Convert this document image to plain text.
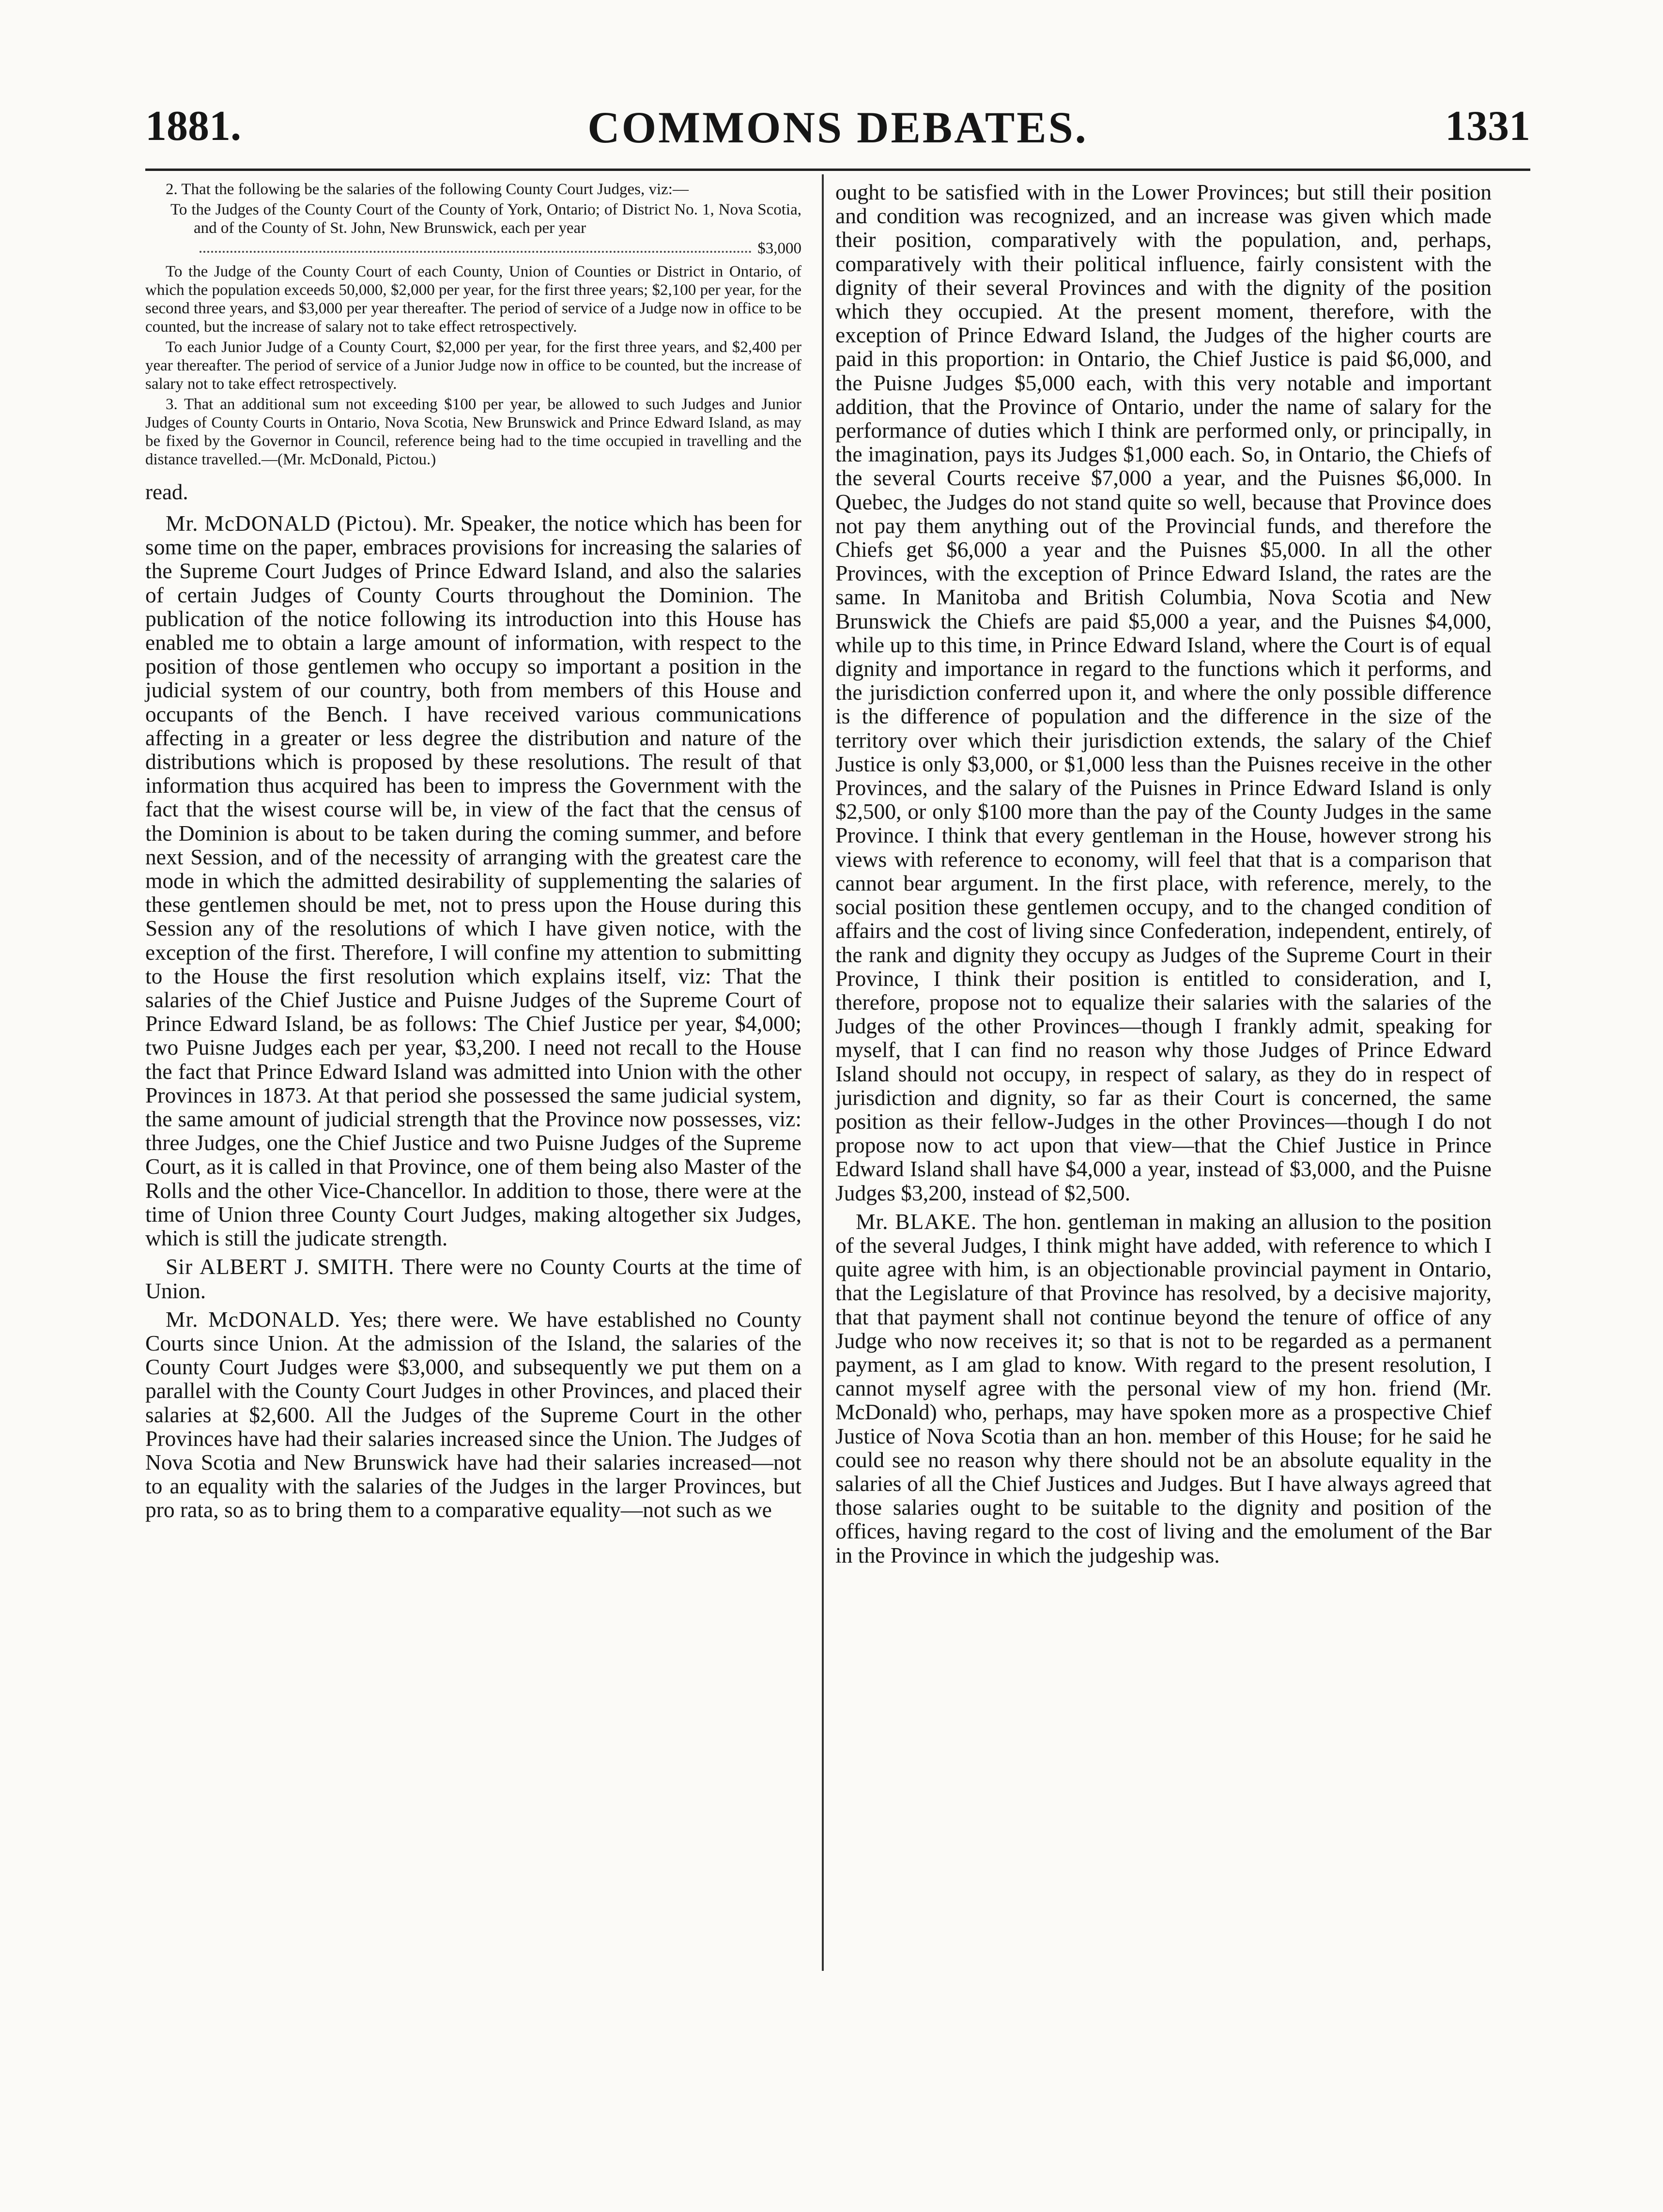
1881.	COMMONS DEBATES.	1331

2. That the following be the salaries of the following County Court Judges, viz:—

To the Judges of the County Court of the County of York, Ontario; of District No. 1, Nova Scotia, and of the County of St. John, New Brunswick, each per year
$3,000

To the Judge of the County Court of each County, Union of Counties or District in Ontario, of which the population exceeds 50,000, $2,000 per year, for the first three years; $2,100 per year, for the second three years, and $3,000 per year thereafter. The period of service of a Judge now in office to be counted, but the increase of salary not to take effect retrospectively.

To each Junior Judge of a County Court, $2,000 per year, for the first three years, and $2,400 per year thereafter. The period of service of a Junior Judge now in office to be counted, but the increase of salary not to take effect retrospectively.

3. That an additional sum not exceeding $100 per year, be allowed to such Judges and Junior Judges of County Courts in Ontario, Nova Scotia, New Brunswick and Prince Edward Island, as may be fixed by the Governor in Council, reference being had to the time occupied in travelling and the distance travelled.—(Mr. McDonald, Pictou.)

read.

Mr. McDONALD (Pictou). Mr. Speaker, the notice which has been for some time on the paper, embraces provisions for increasing the salaries of the Supreme Court Judges of Prince Edward Island, and also the salaries of certain Judges of County Courts throughout the Dominion. The publication of the notice following its introduction into this House has enabled me to obtain a large amount of information, with respect to the position of those gentlemen who occupy so important a position in the judicial system of our country, both from members of this House and occupants of the Bench. I have received various communications affecting in a greater or less degree the distribution and nature of the distributions which is proposed by these resolutions. The result of that information thus acquired has been to impress the Government with the fact that the wisest course will be, in view of the fact that the census of the Dominion is about to be taken during the coming summer, and before next Session, and of the necessity of arranging with the greatest care the mode in which the admitted desirability of supplementing the salaries of these gentlemen should be met, not to press upon the House during this Session any of the resolutions of which I have given notice, with the exception of the first. Therefore, I will confine my attention to submitting to the House the first resolution which explains itself, viz: That the salaries of the Chief Justice and Puisne Judges of the Supreme Court of Prince Edward Island, be as follows: The Chief Justice per year, $4,000; two Puisne Judges each per year, $3,200. I need not recall to the House the fact that Prince Edward Island was admitted into Union with the other Provinces in 1873. At that period she possessed the same judicial system, the same amount of judicial strength that the Province now possesses, viz: three Judges, one the Chief Justice and two Puisne Judges of the Supreme Court, as it is called in that Province, one of them being also Master of the Rolls and the other Vice-Chancellor. In addition to those, there were at the time of Union three County Court Judges, making altogether six Judges, which is still the judicate strength.

Sir ALBERT J. SMITH. There were no County Courts at the time of Union.

Mr. McDONALD. Yes; there were. We have established no County Courts since Union. At the admission of the Island, the salaries of the County Court Judges were $3,000, and subsequently we put them on a parallel with the County Court Judges in other Provinces, and placed their salaries at $2,600. All the Judges of the Supreme Court in the other Provinces have had their salaries increased since the Union. The Judges of Nova Scotia and New Brunswick have had their salaries increased—not to an equality with the salaries of the Judges in the larger Provinces, but pro rata, so as to bring them to a comparative equality—not such as we

ought to be satisfied with in the Lower Provinces; but still their position and condition was recognized, and an increase was given which made their position, comparatively with the population, and, perhaps, comparatively with their political influence, fairly consistent with the dignity of their several Provinces and with the dignity of the position which they occupied. At the present moment, therefore, with the exception of Prince Edward Island, the Judges of the higher courts are paid in this proportion: in Ontario, the Chief Justice is paid $6,000, and the Puisne Judges $5,000 each, with this very notable and important addition, that the Province of Ontario, under the name of salary for the performance of duties which I think are performed only, or principally, in the imagination, pays its Judges $1,000 each. So, in Ontario, the Chiefs of the several Courts receive $7,000 a year, and the Puisnes $6,000. In Quebec, the Judges do not stand quite so well, because that Province does not pay them anything out of the Provincial funds, and therefore the Chiefs get $6,000 a year and the Puisnes $5,000. In all the other Provinces, with the exception of Prince Edward Island, the rates are the same. In Manitoba and British Columbia, Nova Scotia and New Brunswick the Chiefs are paid $5,000 a year, and the Puisnes $4,000, while up to this time, in Prince Edward Island, where the Court is of equal dignity and importance in regard to the functions which it performs, and the jurisdiction conferred upon it, and where the only possible difference is the difference of population and the difference in the size of the territory over which their jurisdiction extends, the salary of the Chief Justice is only $3,000, or $1,000 less than the Puisnes receive in the other Provinces, and the salary of the Puisnes in Prince Edward Island is only $2,500, or only $100 more than the pay of the County Judges in the same Province. I think that every gentleman in the House, however strong his views with reference to economy, will feel that that is a comparison that cannot bear argument. In the first place, with reference, merely, to the social position these gentlemen occupy, and to the changed condition of affairs and the cost of living since Confederation, independent, entirely, of the rank and dignity they occupy as Judges of the Supreme Court in their Province, I think their position is entitled to consideration, and I, therefore, propose not to equalize their salaries with the salaries of the Judges of the other Provinces—though I frankly admit, speaking for myself, that I can find no reason why those Judges of Prince Edward Island should not occupy, in respect of salary, as they do in respect of jurisdiction and dignity, so far as their Court is concerned, the same position as their fellow-Judges in the other Provinces—though I do not propose now to act upon that view—that the Chief Justice in Prince Edward Island shall have $4,000 a year, instead of $3,000, and the Puisne Judges $3,200, instead of $2,500.

Mr. BLAKE. The hon. gentleman in making an allusion to the position of the several Judges, I think might have added, with reference to which I quite agree with him, is an objectionable provincial payment in Ontario, that the Legislature of that Province has resolved, by a decisive majority, that that payment shall not continue beyond the tenure of office of any Judge who now receives it; so that is not to be regarded as a permanent payment, as I am glad to know. With regard to the present resolution, I cannot myself agree with the personal view of my hon. friend (Mr. McDonald) who, perhaps, may have spoken more as a prospective Chief Justice of Nova Scotia than an hon. member of this House; for he said he could see no reason why there should not be an absolute equality in the salaries of all the Chief Justices and Judges. But I have always agreed that those salaries ought to be suitable to the dignity and position of the offices, having regard to the cost of living and the emolument of the Bar in the Province in which the judgeship was.
